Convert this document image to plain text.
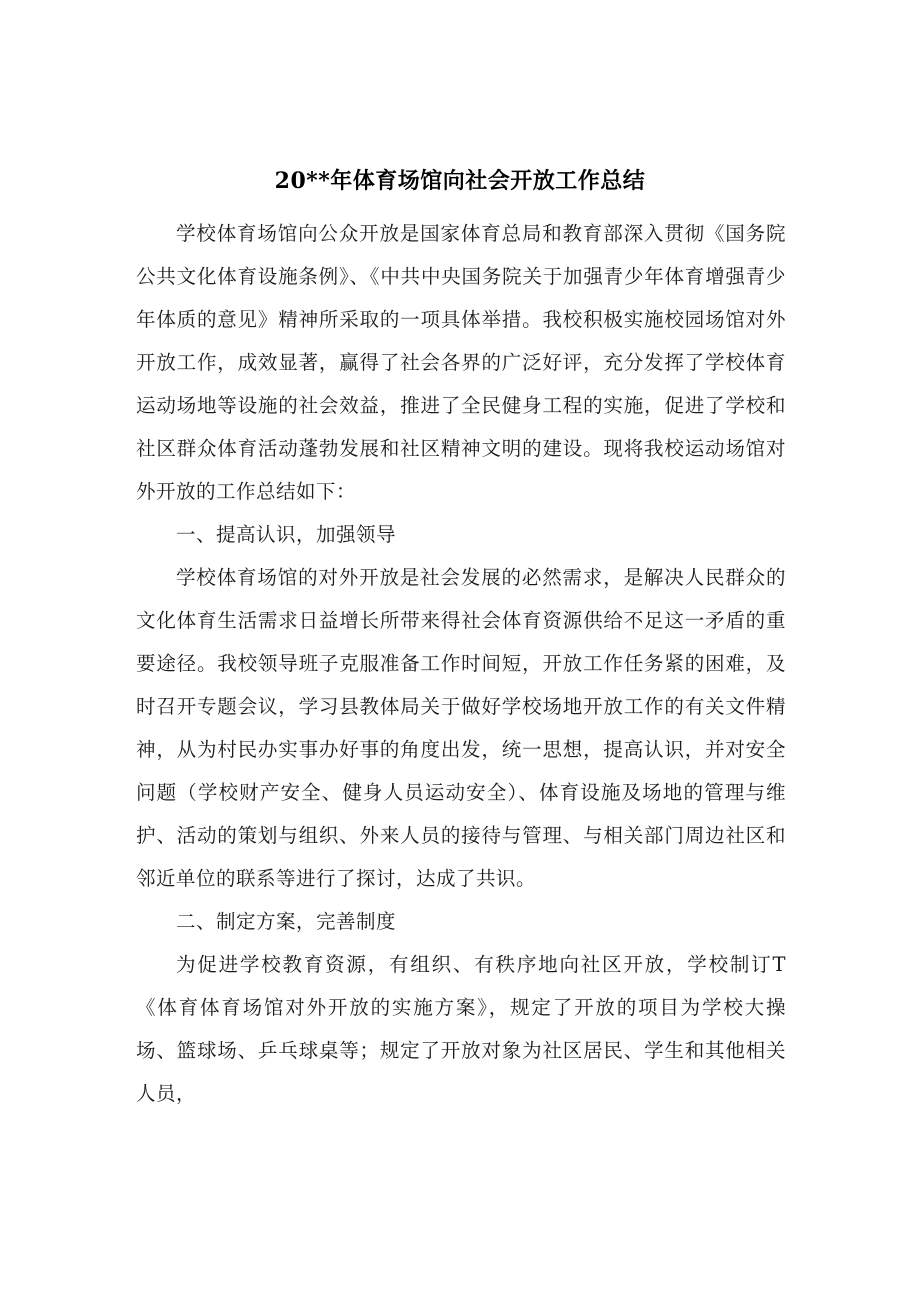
20**年体育场馆向社会开放工作总结

学校体育场馆向公众开放是国家体育总局和教育部深入贯彻《国务院公共文化体育设施条例》、《中共中央国务院关于加强青少年体育增强青少年体质的意见》精神所采取的一项具体举措。我校积极实施校园场馆对外开放工作，成效显著，赢得了社会各界的广泛好评，充分发挥了学校体育运动场地等设施的社会效益，推进了全民健身工程的实施，促进了学校和社区群众体育活动蓬勃发展和社区精神文明的建设。现将我校运动场馆对外开放的工作总结如下：

一、提高认识，加强领导

学校体育场馆的对外开放是社会发展的必然需求，是解决人民群众的文化体育生活需求日益增长所带来得社会体育资源供给不足这一矛盾的重要途径。我校领导班子克服准备工作时间短，开放工作任务紧的困难，及时召开专题会议，学习县教体局关于做好学校场地开放工作的有关文件精神，从为村民办实事办好事的角度出发，统一思想，提高认识，并对安全问题（学校财产安全、健身人员运动安全）、体育设施及场地的管理与维护、活动的策划与组织、外来人员的接待与管理、与相关部门周边社区和邻近单位的联系等进行了探讨，达成了共识。

二、制定方案，完善制度

为促进学校教育资源，有组织、有秩序地向社区开放，学校制订T《体育体育场馆对外开放的实施方案》，规定了开放的项目为学校大操场、篮球场、乒乓球桌等；规定了开放对象为社区居民、学生和其他相关人员，
